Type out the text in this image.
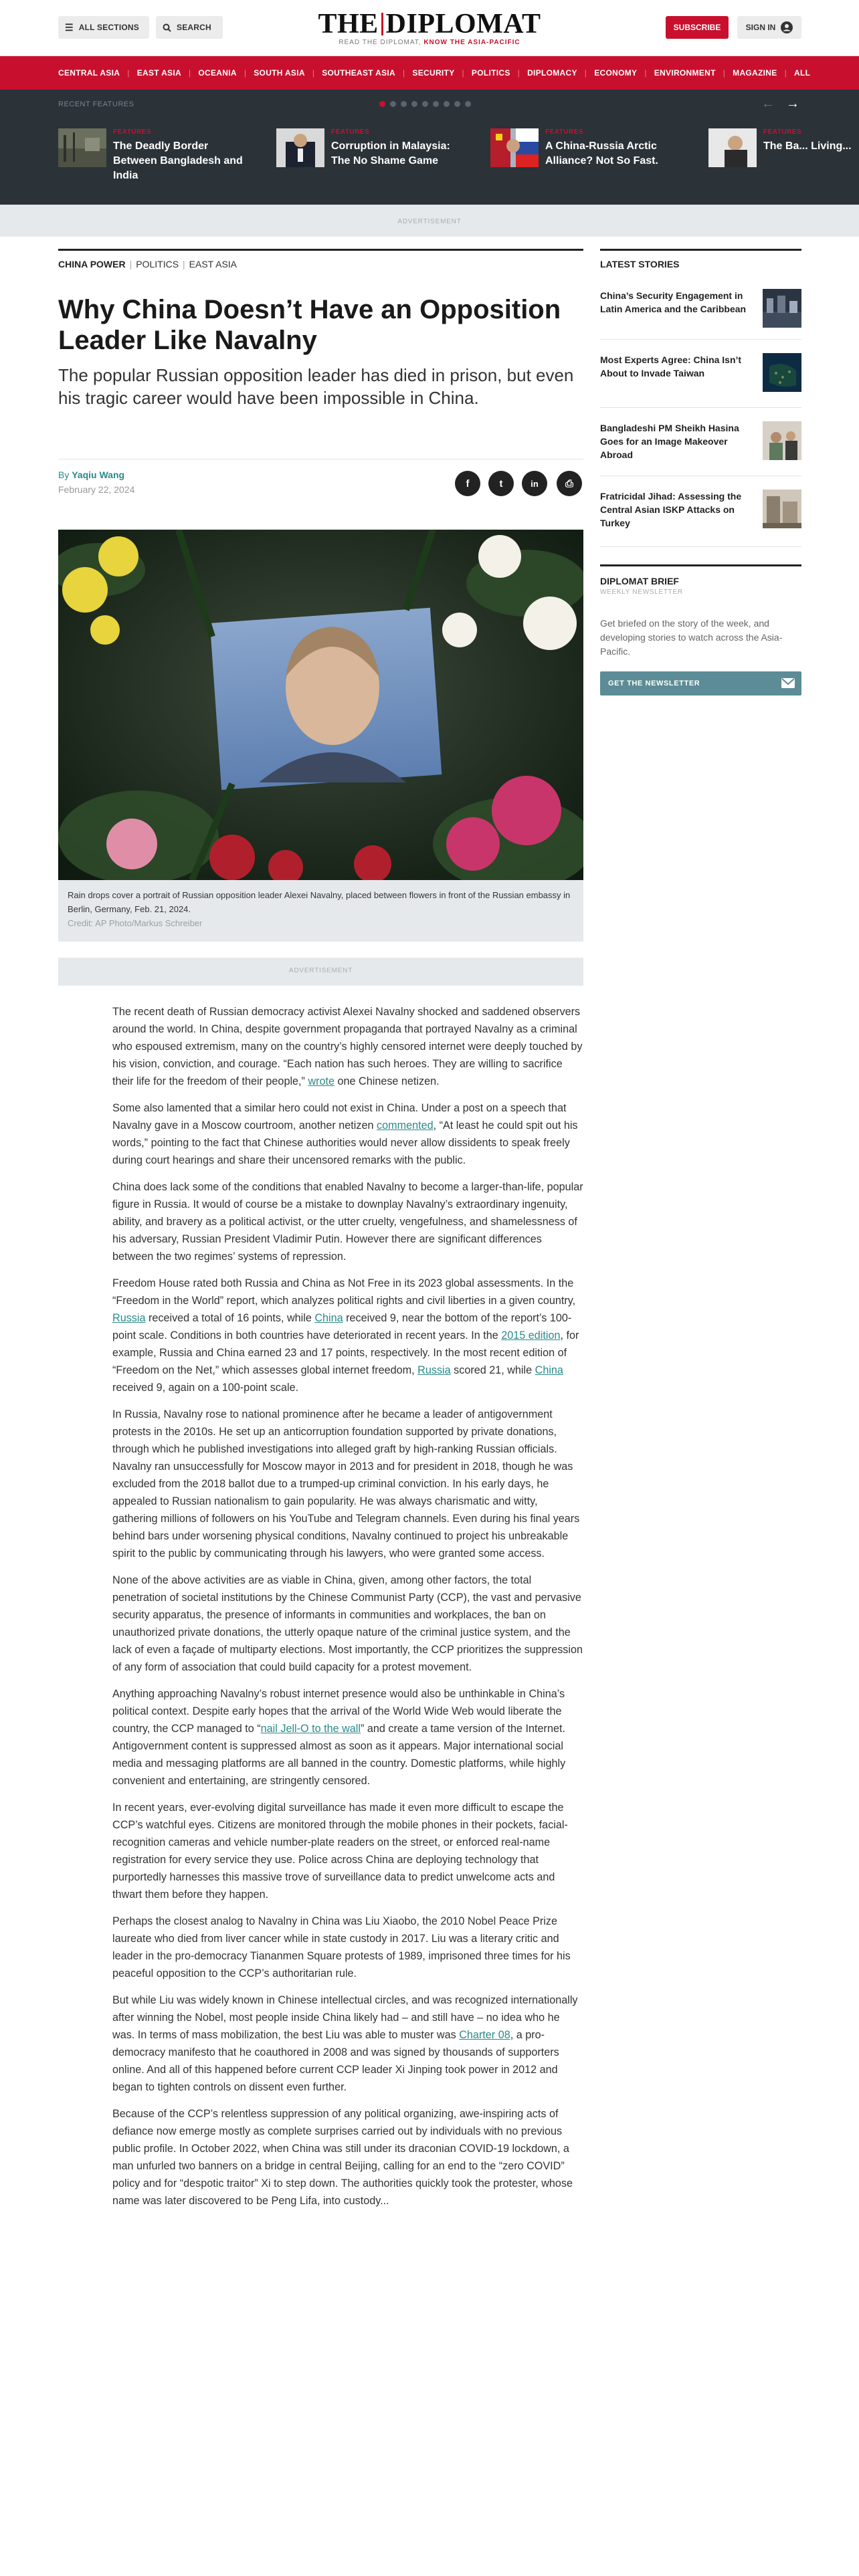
☰ ALL SECTIONS	SEARCH	THE DIPLOMAT
READ THE DIPLOMAT, KNOW THE ASIA-PACIFIC
SUBSCRIBE	SIGN IN
CENTRAL ASIA | EAST ASIA | OCEANIA | SOUTH ASIA | SOUTHEAST ASIA | SECURITY | POLITICS | DIPLOMACY | ECONOMY | ENVIRONMENT | MAGAZINE | ALL
RECENT FEATURES	← →
FEATURES
The Deadly Border Between Bangladesh and India
FEATURES
Corruption in Malaysia: The No Shame Game
FEATURES
A China-Russia Arctic Alliance? Not So Fast.
FEATURES
The Ba... Living...
ADVERTISEMENT
CHINA POWER | POLITICS | EAST ASIA
Why China Doesn’t Have an Opposition Leader Like Navalny
The popular Russian opposition leader has died in prison, but even his tragic career would have been impossible in China.
By Yaqiu Wang
February 22, 2024
f	t	in	⎙
Rain drops cover a portrait of Russian opposition leader Alexei Navalny, placed between flowers in front of the Russian embassy in Berlin, Germany, Feb. 21, 2024.
Credit: AP Photo/Markus Schreiber
ADVERTISEMENT

The recent death of Russian democracy activist Alexei Navalny shocked and saddened observers around the world. In China, despite government propaganda that portrayed Navalny as a criminal who espoused extremism, many on the country’s highly censored internet were deeply touched by his vision, conviction, and courage. “Each nation has such heroes. They are willing to sacrifice their life for the freedom of their people,” wrote one Chinese netizen.

Some also lamented that a similar hero could not exist in China. Under a post on a speech that Navalny gave in a Moscow courtroom, another netizen commented, “At least he could spit out his words,” pointing to the fact that Chinese authorities would never allow dissidents to speak freely during court hearings and share their uncensored remarks with the public.

China does lack some of the conditions that enabled Navalny to become a larger-than-life, popular figure in Russia. It would of course be a mistake to downplay Navalny’s extraordinary ingenuity, ability, and bravery as a political activist, or the utter cruelty, vengefulness, and shamelessness of his adversary, Russian President Vladimir Putin. However there are significant differences between the two regimes’ systems of repression.

Freedom House rated both Russia and China as Not Free in its 2023 global assessments. In the “Freedom in the World” report, which analyzes political rights and civil liberties in a given country, Russia received a total of 16 points, while China received 9, near the bottom of the report’s 100-point scale. Conditions in both countries have deteriorated in recent years. In the 2015 edition, for example, Russia and China earned 23 and 17 points, respectively. In the most recent edition of “Freedom on the Net,” which assesses global internet freedom, Russia scored 21, while China received 9, again on a 100-point scale.

In Russia, Navalny rose to national prominence after he became a leader of antigovernment protests in the 2010s. He set up an anticorruption foundation supported by private donations, through which he published investigations into alleged graft by high-ranking Russian officials. Navalny ran unsuccessfully for Moscow mayor in 2013 and for president in 2018, though he was excluded from the 2018 ballot due to a trumped-up criminal conviction. In his early days, he appealed to Russian nationalism to gain popularity. He was always charismatic and witty, gathering millions of followers on his YouTube and Telegram channels. Even during his final years behind bars under worsening physical conditions, Navalny continued to project his unbreakable spirit to the public by communicating through his lawyers, who were granted some access.

None of the above activities are as viable in China, given, among other factors, the total penetration of societal institutions by the Chinese Communist Party (CCP), the vast and pervasive security apparatus, the presence of informants in communities and workplaces, the ban on unauthorized private donations, the utterly opaque nature of the criminal justice system, and the lack of even a façade of multiparty elections. Most importantly, the CCP prioritizes the suppression of any form of association that could build capacity for a protest movement.

Anything approaching Navalny’s robust internet presence would also be unthinkable in China’s political context. Despite early hopes that the arrival of the World Wide Web would liberate the country, the CCP managed to “nail Jell-O to the wall” and create a tame version of the Internet. Antigovernment content is suppressed almost as soon as it appears. Major international social media and messaging platforms are all banned in the country. Domestic platforms, while highly convenient and entertaining, are stringently censored.

In recent years, ever-evolving digital surveillance has made it even more difficult to escape the CCP’s watchful eyes. Citizens are monitored through the mobile phones in their pockets, facial-recognition cameras and vehicle number-plate readers on the street, or enforced real-name registration for every service they use. Police across China are deploying technology that purportedly harnesses this massive trove of surveillance data to predict unwelcome acts and thwart them before they happen.

Perhaps the closest analog to Navalny in China was Liu Xiaobo, the 2010 Nobel Peace Prize laureate who died from liver cancer while in state custody in 2017. Liu was a literary critic and leader in the pro-democracy Tiananmen Square protests of 1989, imprisoned three times for his peaceful opposition to the CCP’s authoritarian rule.

But while Liu was widely known in Chinese intellectual circles, and was recognized internationally after winning the Nobel, most people inside China likely had – and still have – no idea who he was. In terms of mass mobilization, the best Liu was able to muster was Charter 08, a pro-democracy manifesto that he coauthored in 2008 and was signed by thousands of supporters online. And all of this happened before current CCP leader Xi Jinping took power in 2012 and began to tighten controls on dissent even further.

Because of the CCP’s relentless suppression of any political organizing, awe-inspiring acts of defiance now emerge mostly as complete surprises carried out by individuals with no previous public profile. In October 2022, when China was still under its draconian COVID-19 lockdown, a man unfurled two banners on a bridge in central Beijing, calling for an end to the “zero COVID” policy and for “despotic traitor” Xi to step down. The authorities quickly took the protester, whose name was later discovered to be Peng Lifa, into custody...

LATEST STORIES
China’s Security Engagement in Latin America and the Caribbean
Most Experts Agree: China Isn’t About to Invade Taiwan
Bangladeshi PM Sheikh Hasina Goes for an Image Makeover Abroad
Fratricidal Jihad: Assessing the Central Asian ISKP Attacks on Turkey
DIPLOMAT BRIEF
WEEKLY NEWSLETTER
Get briefed on the story of the week, and developing stories to watch across the Asia-Pacific.
GET THE NEWSLETTER
